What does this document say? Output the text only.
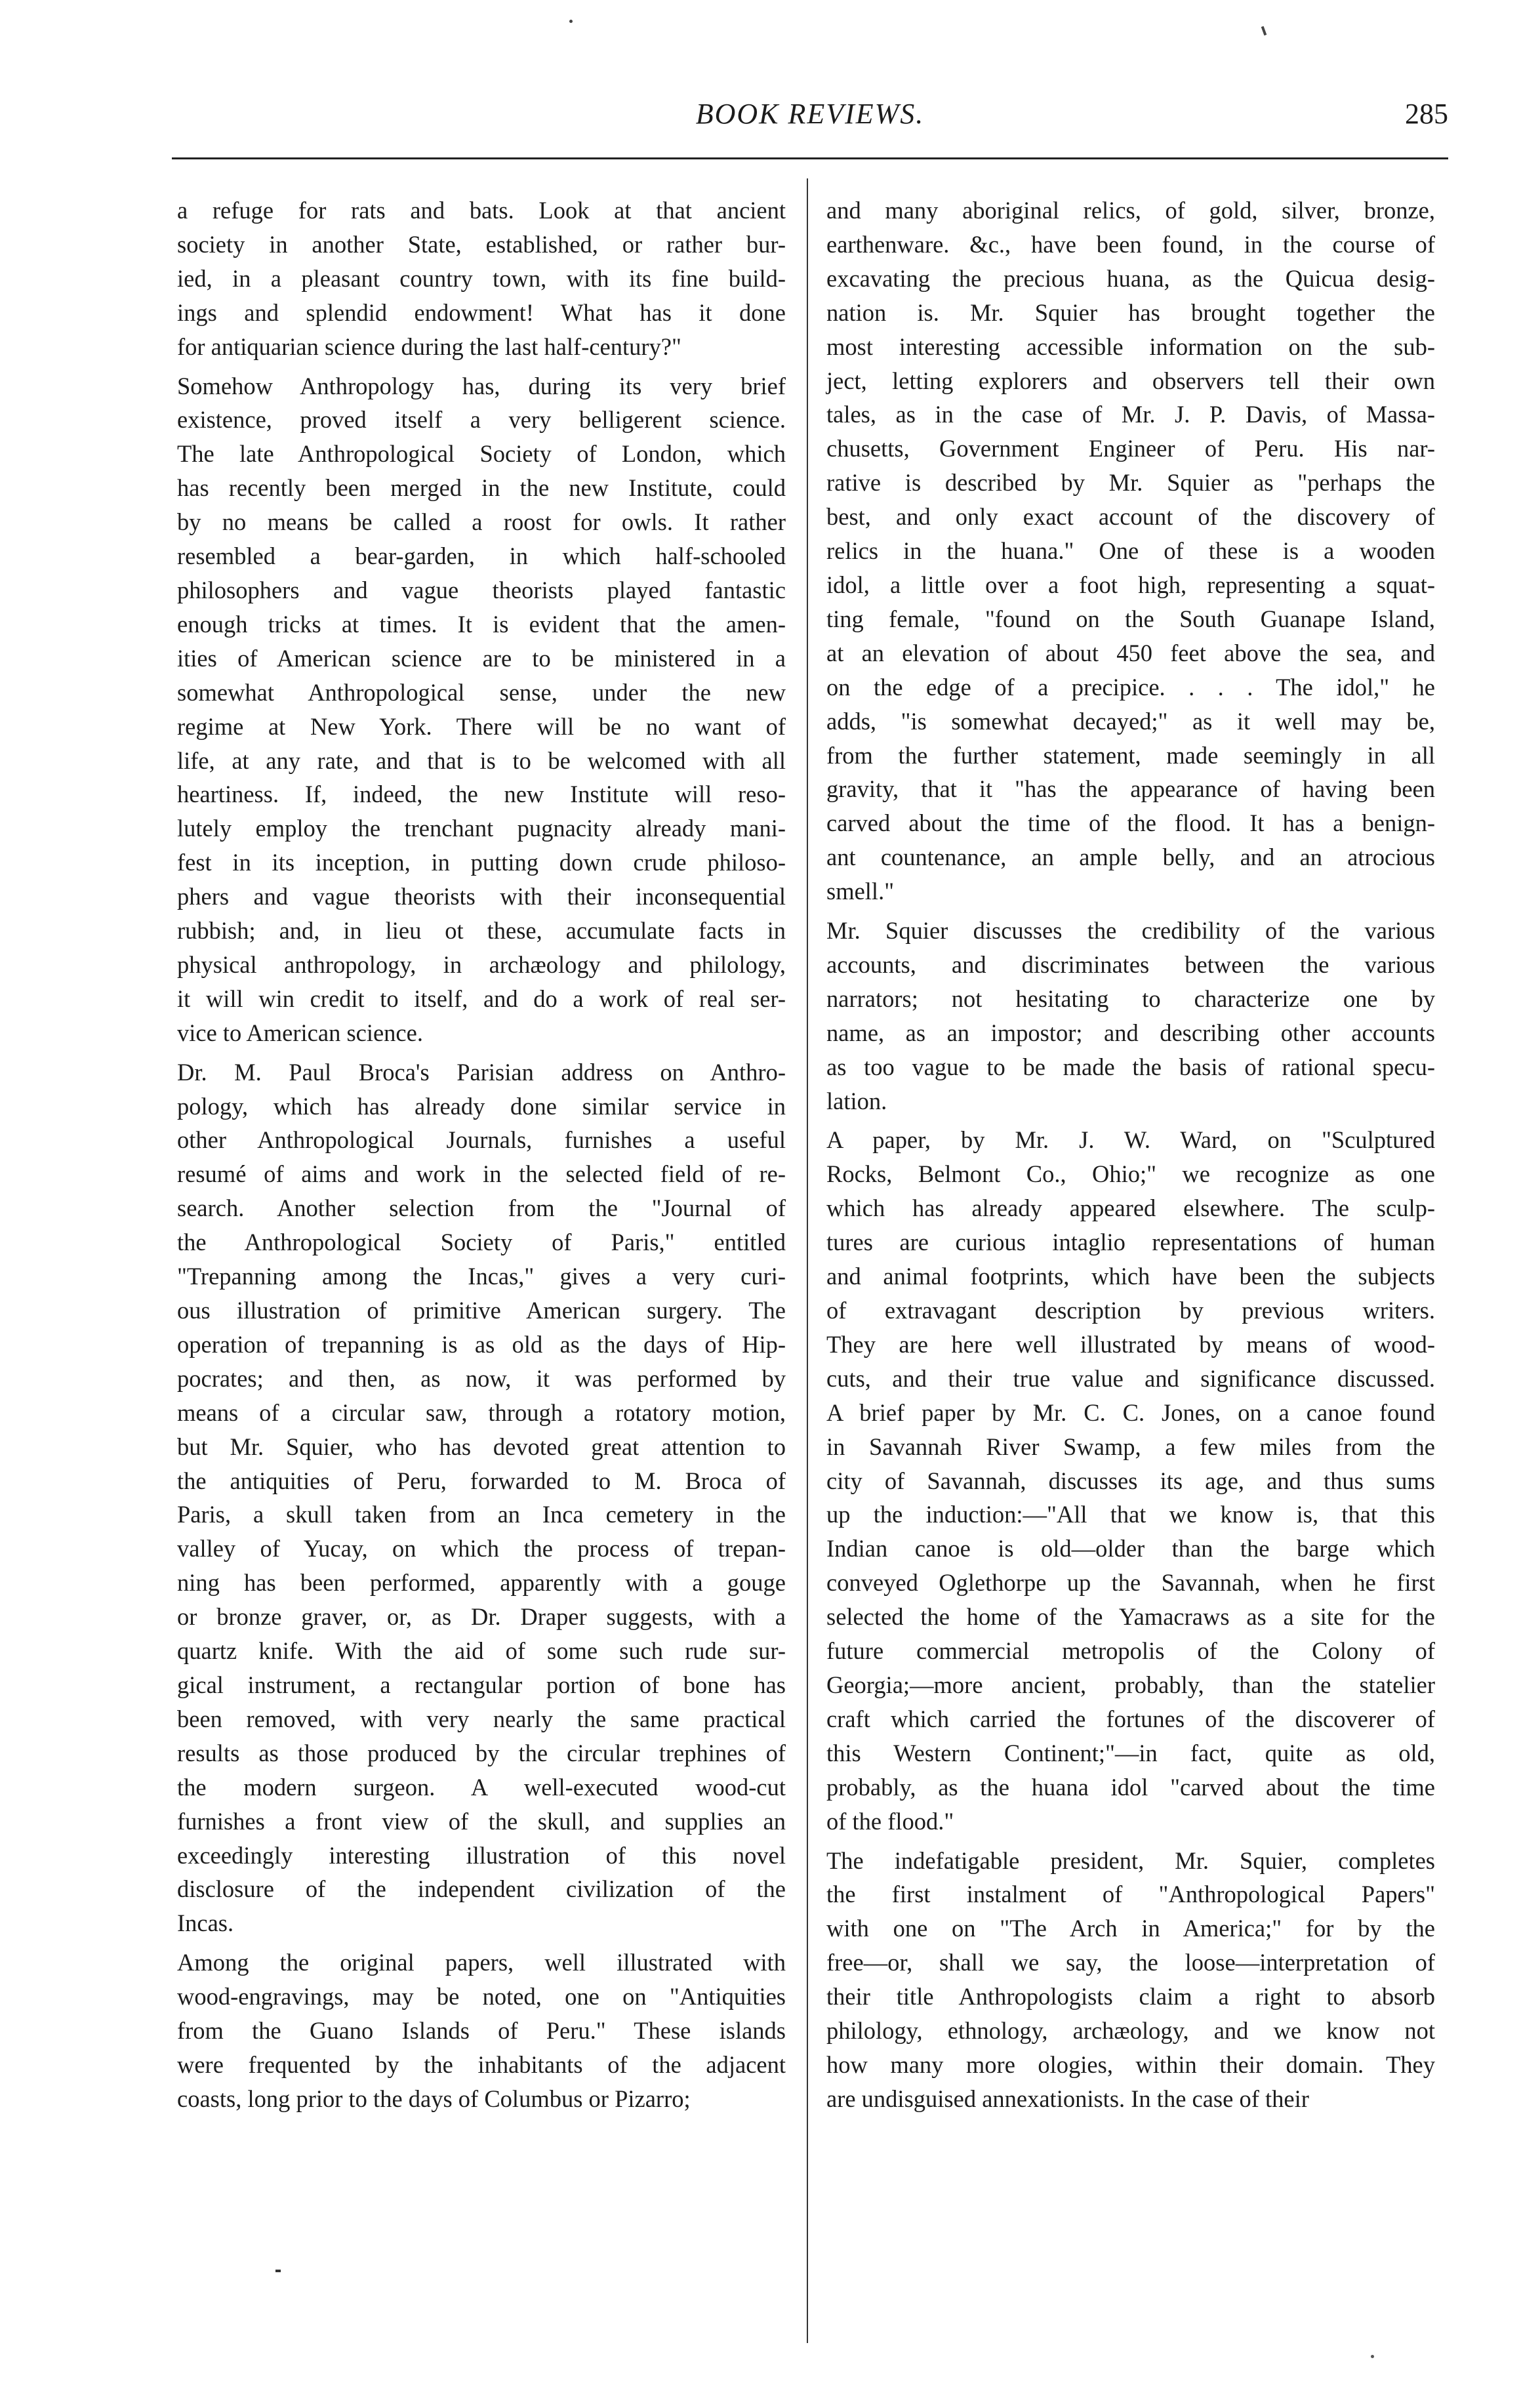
BOOK REVIEWS.	285

a refuge for rats and bats. Look at that ancient
society in another State, established, or rather bur-
ied, in a pleasant country town, with its fine build-
ings and splendid endowment! What has it done
for antiquarian science during the last half-century?"

Somehow Anthropology has, during its very brief
existence, proved itself a very belligerent science.
The late Anthropological Society of London, which
has recently been merged in the new Institute, could
by no means be called a roost for owls. It rather
resembled a bear-garden, in which half-schooled
philosophers and vague theorists played fantastic
enough tricks at times. It is evident that the amen-
ities of American science are to be ministered in a
somewhat Anthropological sense, under the new
regime at New York. There will be no want of
life, at any rate, and that is to be welcomed with all
heartiness. If, indeed, the new Institute will reso-
lutely employ the trenchant pugnacity already mani-
fest in its inception, in putting down crude philoso-
phers and vague theorists with their inconsequential
rubbish; and, in lieu ot these, accumulate facts in
physical anthropology, in archæology and philology,
it will win credit to itself, and do a work of real ser-
vice to American science.

Dr. M. Paul Broca's Parisian address on Anthro-
pology, which has already done similar service in
other Anthropological Journals, furnishes a useful
resumé of aims and work in the selected field of re-
search. Another selection from the "Journal of
the Anthropological Society of Paris," entitled
"Trepanning among the Incas," gives a very curi-
ous illustration of primitive American surgery. The
operation of trepanning is as old as the days of Hip-
pocrates; and then, as now, it was performed by
means of a circular saw, through a rotatory motion,
but Mr. Squier, who has devoted great attention to
the antiquities of Peru, forwarded to M. Broca of
Paris, a skull taken from an Inca cemetery in the
valley of Yucay, on which the process of trepan-
ning has been performed, apparently with a gouge
or bronze graver, or, as Dr. Draper suggests, with a
quartz knife. With the aid of some such rude sur-
gical instrument, a rectangular portion of bone has
been removed, with very nearly the same practical
results as those produced by the circular trephines of
the modern surgeon. A well-executed wood-cut
furnishes a front view of the skull, and supplies an
exceedingly interesting illustration of this novel
disclosure of the independent civilization of the
Incas.

Among the original papers, well illustrated with
wood-engravings, may be noted, one on "Antiquities
from the Guano Islands of Peru." These islands
were frequented by the inhabitants of the adjacent
coasts, long prior to the days of Columbus or Pizarro;

and many aboriginal relics, of gold, silver, bronze,
earthenware. &c., have been found, in the course of
excavating the precious huana, as the Quicua desig-
nation is. Mr. Squier has brought together the
most interesting accessible information on the sub-
ject, letting explorers and observers tell their own
tales, as in the case of Mr. J. P. Davis, of Massa-
chusetts, Government Engineer of Peru. His nar-
rative is described by Mr. Squier as "perhaps the
best, and only exact account of the discovery of
relics in the huana." One of these is a wooden
idol, a little over a foot high, representing a squat-
ting female, "found on the South Guanape Island,
at an elevation of about 450 feet above the sea, and
on the edge of a precipice. . . . The idol," he
adds, "is somewhat decayed;" as it well may be,
from the further statement, made seemingly in all
gravity, that it "has the appearance of having been
carved about the time of the flood. It has a benign-
ant countenance, an ample belly, and an atrocious
smell."

Mr. Squier discusses the credibility of the various
accounts, and discriminates between the various
narrators; not hesitating to characterize one by
name, as an impostor; and describing other accounts
as too vague to be made the basis of rational specu-
lation.

A paper, by Mr. J. W. Ward, on "Sculptured
Rocks, Belmont Co., Ohio;" we recognize as one
which has already appeared elsewhere. The sculp-
tures are curious intaglio representations of human
and animal footprints, which have been the subjects
of extravagant description by previous writers.
They are here well illustrated by means of wood-
cuts, and their true value and significance discussed.
A brief paper by Mr. C. C. Jones, on a canoe found
in Savannah River Swamp, a few miles from the
city of Savannah, discusses its age, and thus sums
up the induction:—"All that we know is, that this
Indian canoe is old—older than the barge which
conveyed Oglethorpe up the Savannah, when he first
selected the home of the Yamacraws as a site for the
future commercial metropolis of the Colony of
Georgia;—more ancient, probably, than the statelier
craft which carried the fortunes of the discoverer of
this Western Continent;"—in fact, quite as old,
probably, as the huana idol "carved about the time
of the flood."

The indefatigable president, Mr. Squier, completes
the first instalment of "Anthropological Papers"
with one on "The Arch in America;" for by the
free—or, shall we say, the loose—interpretation of
their title Anthropologists claim a right to absorb
philology, ethnology, archæology, and we know not
how many more ologies, within their domain. They
are undisguised annexationists. In the case of their
